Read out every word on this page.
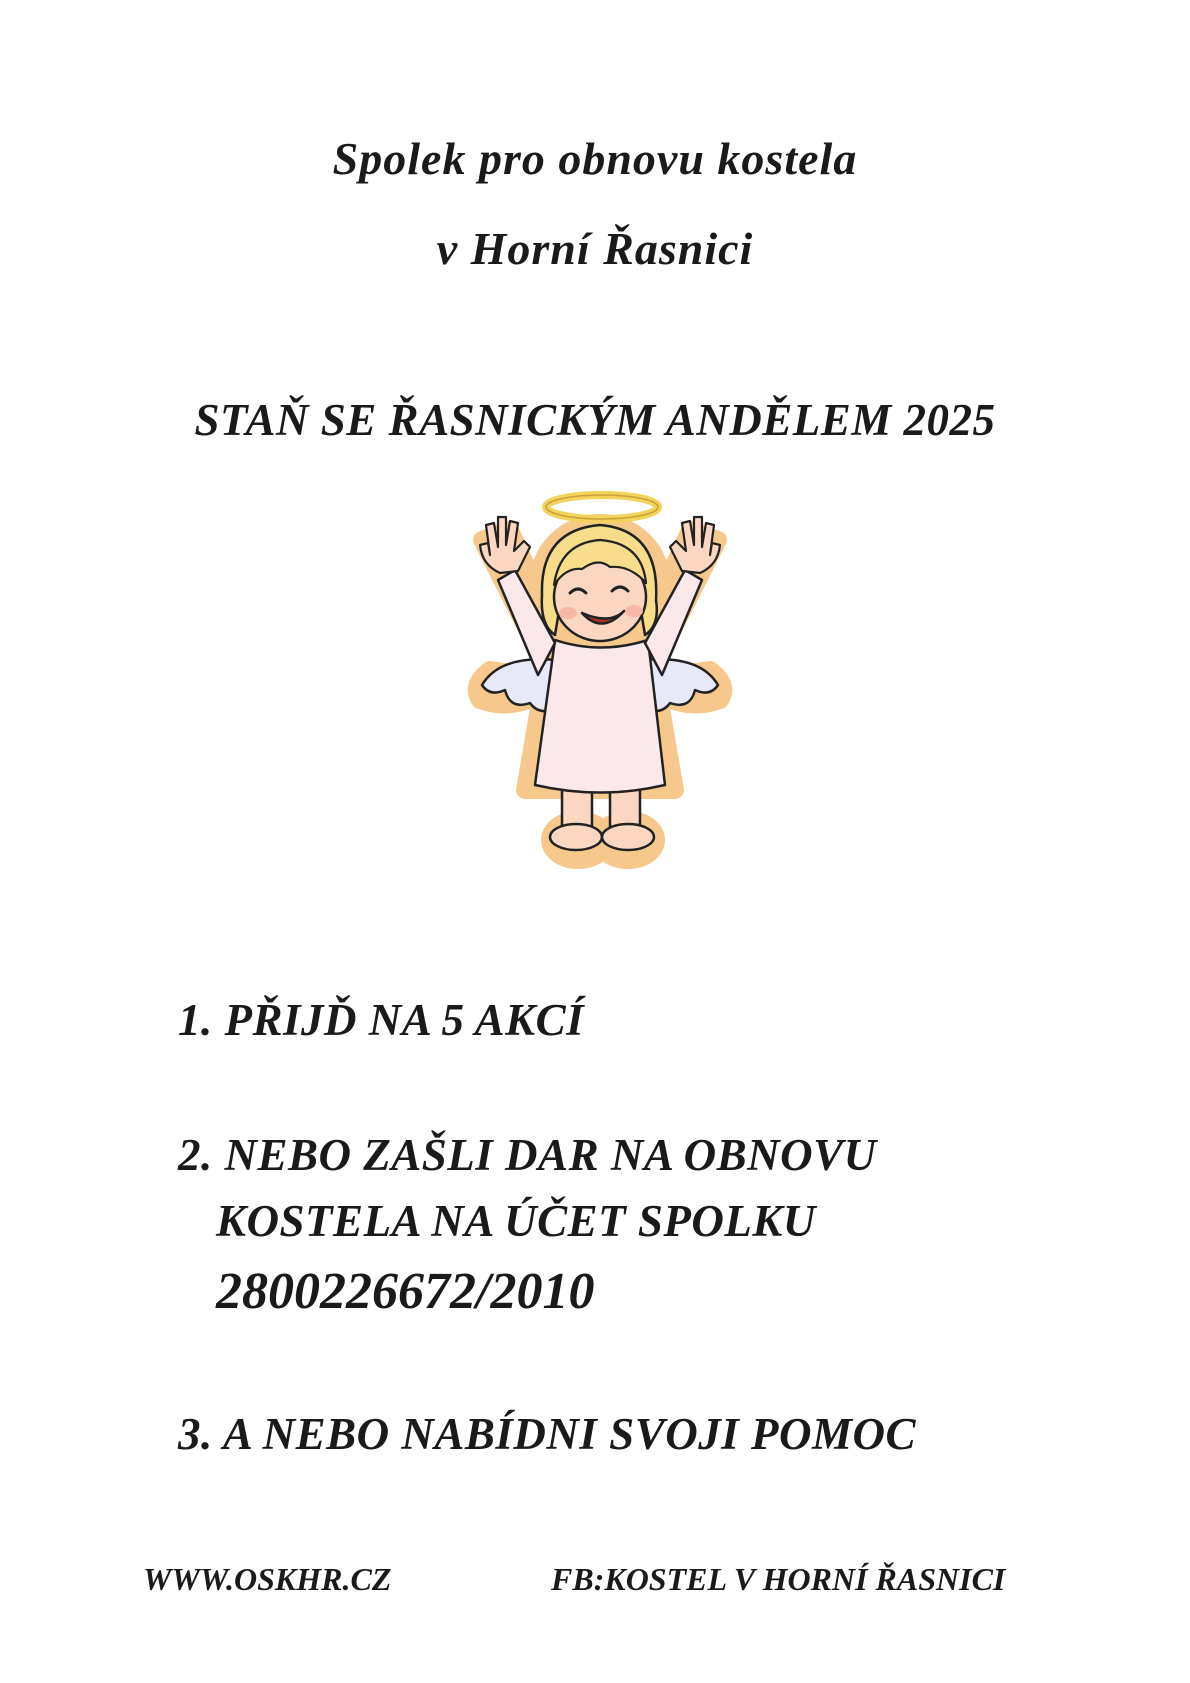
Spolek pro obnovu kostela
v Horní Řasnici
STAŇ SE ŘASNICKÝM ANDĚLEM 2025
1. PŘIJĎ NA 5 AKCÍ
2. NEBO ZAŠLI DAR NA OBNOVU
KOSTELA NA ÚČET SPOLKU
2800226672/2010
3. A NEBO NABÍDNI SVOJI POMOC
WWW.OSKHR.CZ	FB:KOSTEL V HORNÍ ŘASNICI
